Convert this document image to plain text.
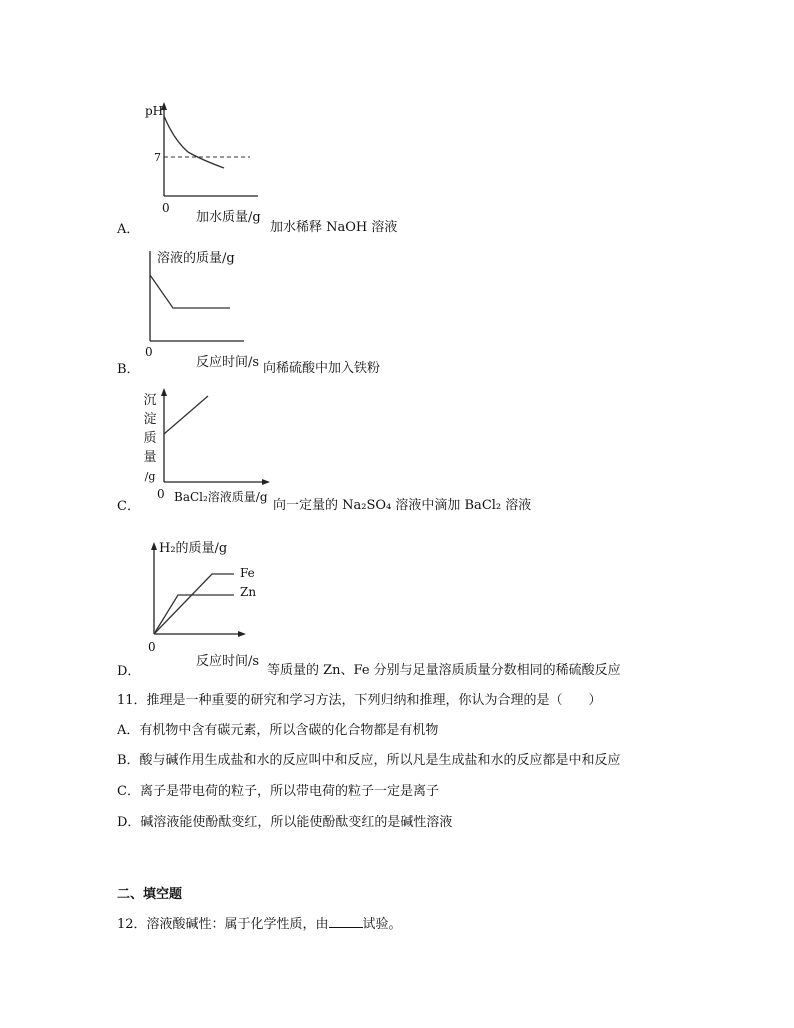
pH
7
0
加水质量/g
A．	加水稀释 NaOH 溶液
溶液的质量/g
0
反应时间/s
B．	向稀硫酸中加入铁粉
沉
淀
质
量
/g
0 BaCl₂溶液质量/g
C．	向一定量的 Na₂SO₄ 溶液中滴加 BaCl₂ 溶液
H₂的质量/g
Fe
Zn
0
反应时间/s
D．	等质量的 Zn、Fe 分别与足量溶质质量分数相同的稀硫酸反应
11．推理是一种重要的研究和学习方法，下列归纳和推理，你认为合理的是（　　）
A．有机物中含有碳元素，所以含碳的化合物都是有机物
B．酸与碱作用生成盐和水的反应叫中和反应，所以凡是生成盐和水的反应都是中和反应
C．离子是带电荷的粒子，所以带电荷的粒子一定是离子
D．碱溶液能使酚酞变红，所以能使酚酞变红的是碱性溶液
二、填空题
12．溶液酸碱性：属于化学性质，由	试验。
